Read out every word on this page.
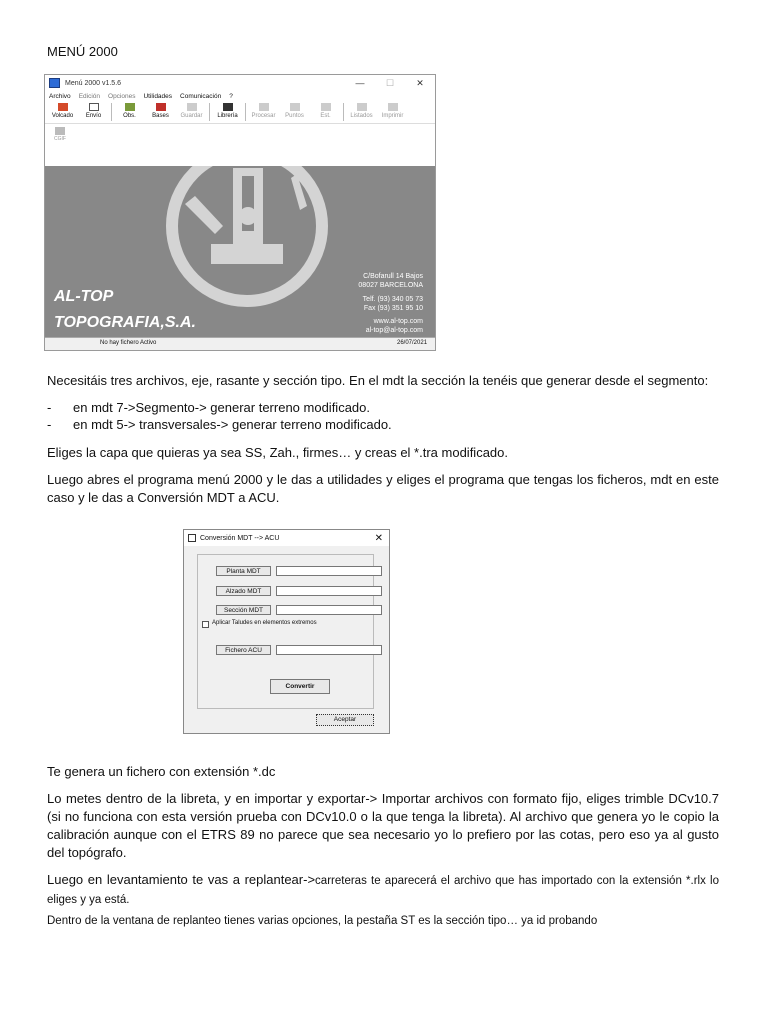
MENÚ 2000
Menú 2000 v1.5.6	—	☐	✕
Archivo Edición Opciones Utilidades Comunicación ?
Volcado Envío	Obs.	Bases Guardar Librería Procesar Puntos	Est.	Listados Imprimir
CGIF
AL-TOP
TOPOGRAFIA,S.A.
C/Bofarull 14 Bajos
08027 BARCELONA
Telf. (93) 340 05 73
Fax (93) 351 95 10
www.al-top.com
al-top@al-top.com
No hay fichero Activo	26/07/2021
Necesitáis tres archivos, eje, rasante y sección tipo. En el mdt la sección la tenéis que generar desde el segmento:
- en mdt 7->Segmento-> generar terreno modificado.
- en mdt 5-> transversales-> generar terreno modificado.
Eliges la capa que quieras ya sea SS, Zah., firmes… y creas el *.tra modificado.
Luego abres el programa menú 2000 y le das a utilidades y eliges el programa que tengas los ficheros, mdt en este caso y le das a Conversión MDT a ACU.
Conversión MDT --> ACU	✕
Planta MDT
Alzado MDT
Sección MDT
Aplicar Taludes en elementos extremos
Fichero ACU
Convertir
Aceptar
Te genera un fichero con extensión *.dc
Lo metes dentro de la libreta, y en importar y exportar-> Importar archivos con formato fijo, eliges trimble DCv10.7 (si no funciona con esta versión prueba con DCv10.0 o la que tenga la libreta). Al archivo que genera yo le copio la calibración aunque con el ETRS 89 no parece que sea necesario yo lo prefiero por las cotas, pero eso ya al gusto del topógrafo.
Luego en levantamiento te vas a replantear->carreteras te aparecerá el archivo que has importado con la extensión *.rlx lo eliges y ya está.
Dentro de la ventana de replanteo tienes varias opciones, la pestaña ST es la sección tipo… ya id probando
